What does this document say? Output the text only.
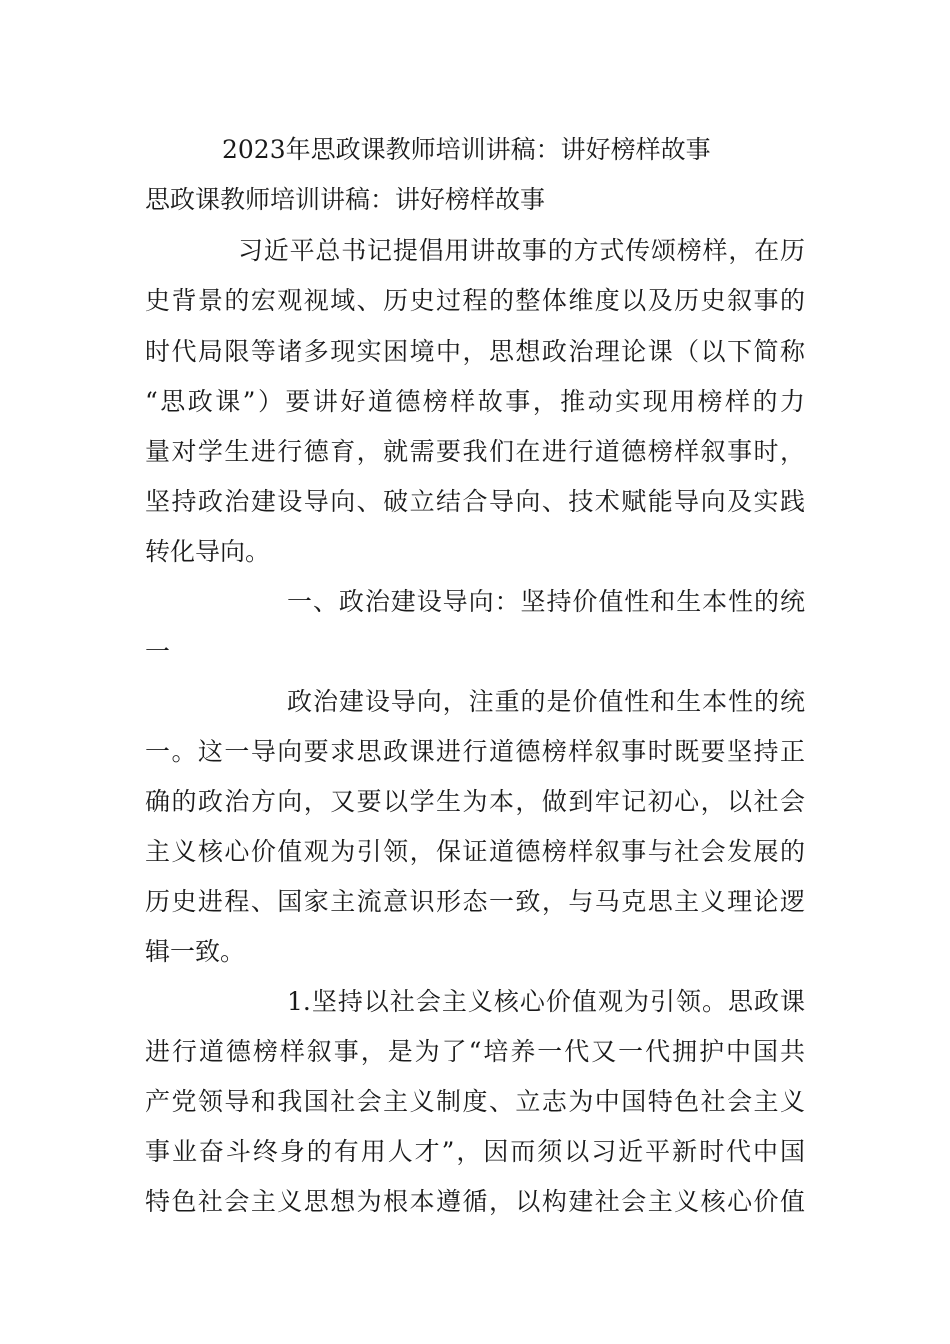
2023年思政课教师培训讲稿：讲好榜样故事
思政课教师培训讲稿：讲好榜样故事
习近平总书记提倡用讲故事的方式传颂榜样，在历
史背景的宏观视域、历史过程的整体维度以及历史叙事的
时代局限等诸多现实困境中，思想政治理论课（以下简称
“思政课”）要讲好道德榜样故事，推动实现用榜样的力
量对学生进行德育，就需要我们在进行道德榜样叙事时，
坚持政治建设导向、破立结合导向、技术赋能导向及实践
转化导向。
一、政治建设导向：坚持价值性和生本性的统
一
政治建设导向，注重的是价值性和生本性的统
一。这一导向要求思政课进行道德榜样叙事时既要坚持正
确的政治方向，又要以学生为本，做到牢记初心，以社会
主义核心价值观为引领，保证道德榜样叙事与社会发展的
历史进程、国家主流意识形态一致，与马克思主义理论逻
辑一致。
1.坚持以社会主义核心价值观为引领。思政课
进行道德榜样叙事，是为了“培养一代又一代拥护中国共
产党领导和我国社会主义制度、立志为中国特色社会主义
事业奋斗终身的有用人才”，因而须以习近平新时代中国
特色社会主义思想为根本遵循，以构建社会主义核心价值
